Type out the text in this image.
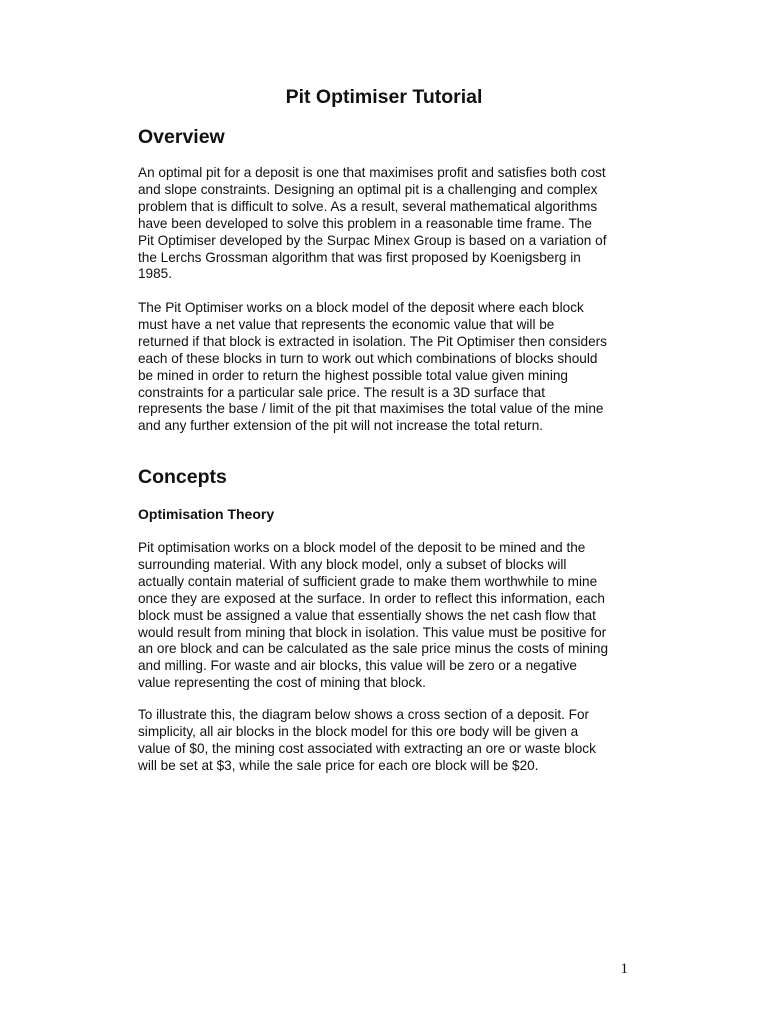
Pit Optimiser Tutorial
Overview

An optimal pit for a deposit is one that maximises profit and satisfies both cost
and slope constraints. Designing an optimal pit is a challenging and complex
problem that is difficult to solve. As a result, several mathematical algorithms
have been developed to solve this problem in a reasonable time frame. The
Pit Optimiser developed by the Surpac Minex Group is based on a variation of
the Lerchs Grossman algorithm that was first proposed by Koenigsberg in
1985.

The Pit Optimiser works on a block model of the deposit where each block
must have a net value that represents the economic value that will be
returned if that block is extracted in isolation. The Pit Optimiser then considers
each of these blocks in turn to work out which combinations of blocks should
be mined in order to return the highest possible total value given mining
constraints for a particular sale price. The result is a 3D surface that
represents the base / limit of the pit that maximises the total value of the mine
and any further extension of the pit will not increase the total return.

Concepts
Optimisation Theory

Pit optimisation works on a block model of the deposit to be mined and the
surrounding material. With any block model, only a subset of blocks will
actually contain material of sufficient grade to make them worthwhile to mine
once they are exposed at the surface. In order to reflect this information, each
block must be assigned a value that essentially shows the net cash flow that
would result from mining that block in isolation. This value must be positive for
an ore block and can be calculated as the sale price minus the costs of mining
and milling. For waste and air blocks, this value will be zero or a negative
value representing the cost of mining that block.

To illustrate this, the diagram below shows a cross section of a deposit. For
simplicity, all air blocks in the block model for this ore body will be given a
value of $0, the mining cost associated with extracting an ore or waste block
will be set at $3, while the sale price for each ore block will be $20.

1
